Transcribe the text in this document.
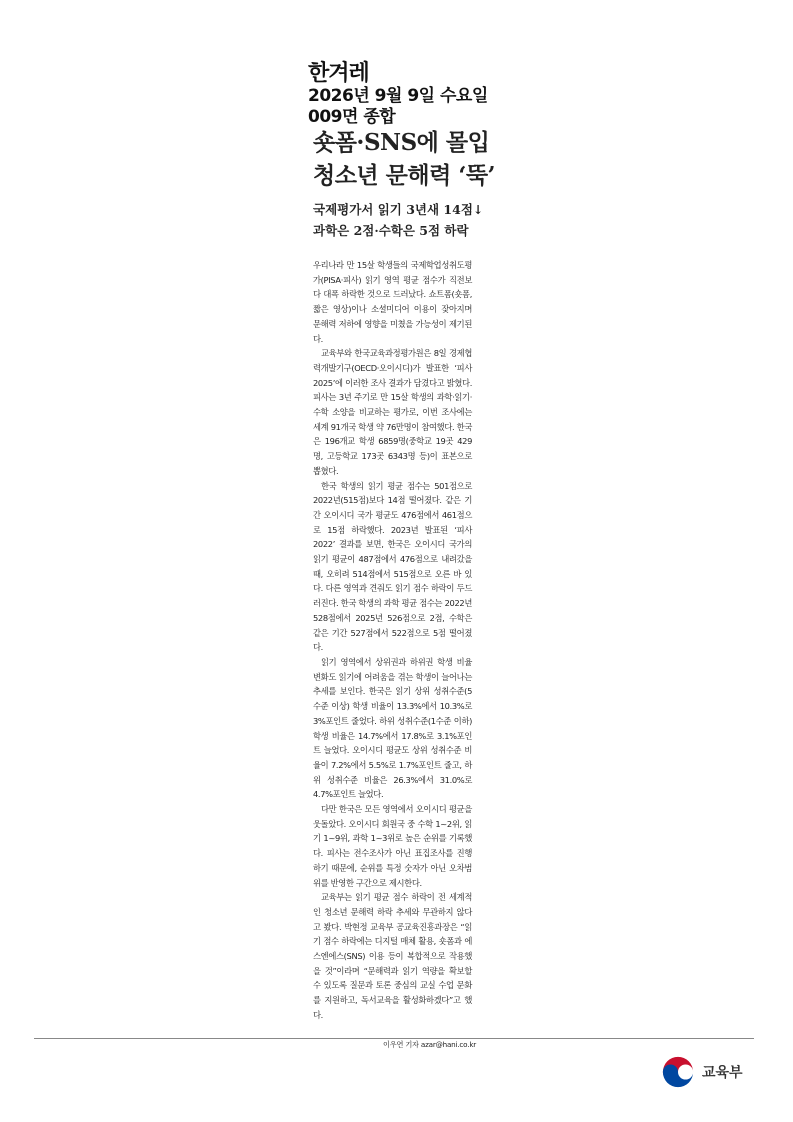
한겨레
2026년 9월 9일 수요일
009면 종합
숏폼·SNS에 몰입
청소년 문해력 ‘뚝’
국제평가서 읽기 3년새 14점↓
과학은 2점·수학은 5점 하락

우리나라 만 15살 학생들의 국제학업성취도평가(PISA·피사) 읽기 영역 평균 점수가 직전보다 대폭 하락한 것으로 드러났다. 쇼트폼(숏폼, 짧은 영상)이나 소셜미디어 이용이 잦아지며 문해력 저하에 영향을 미쳤을 가능성이 제기된다.

교육부와 한국교육과정평가원은 8일 경제협력개발기구(OECD·오이시디)가 발표한 ‘피사 2025’에 이러한 조사 결과가 담겼다고 밝혔다. 피사는 3년 주기로 만 15살 학생의 과학·읽기·수학 소양을 비교하는 평가로, 이번 조사에는 세계 91개국 학생 약 76만명이 참여했다. 한국은 196개교 학생 6859명(중학교 19곳 429명, 고등학교 173곳 6343명 등)이 표본으로 뽑혔다.

한국 학생의 읽기 평균 점수는 501점으로 2022년(515점)보다 14점 떨어졌다. 같은 기간 오이시디 국가 평균도 476점에서 461점으로 15점 하락했다. 2023년 발표된 ‘피사 2022’ 결과를 보면, 한국은 오이시디 국가의 읽기 평균이 487점에서 476점으로 내려갔을 때, 오히려 514점에서 515점으로 오른 바 있다. 다른 영역과 견줘도 읽기 점수 하락이 두드러진다. 한국 학생의 과학 평균 점수는 2022년 528점에서 2025년 526점으로 2점, 수학은 같은 기간 527점에서 522점으로 5점 떨어졌다.

읽기 영역에서 상위권과 하위권 학생 비율 변화도 읽기에 어려움을 겪는 학생이 늘어나는 추세를 보인다. 한국은 읽기 상위 성취수준(5수준 이상) 학생 비율이 13.3%에서 10.3%로 3%포인트 줄었다. 하위 성취수준(1수준 이하) 학생 비율은 14.7%에서 17.8%로 3.1%포인트 늘었다. 오이시디 평균도 상위 성취수준 비율이 7.2%에서 5.5%로 1.7%포인트 줄고, 하위 성취수준 비율은 26.3%에서 31.0%로 4.7%포인트 늘었다.

다만 한국은 모든 영역에서 오이시디 평균을 웃돌았다. 오이시디 회원국 중 수학 1~2위, 읽기 1~9위, 과학 1~3위로 높은 순위를 기록했다. 피사는 전수조사가 아닌 표집조사를 진행하기 때문에, 순위를 특정 숫자가 아닌 오차범위를 반영한 구간으로 제시한다.

교육부는 읽기 평균 점수 하락이 전 세계적인 청소년 문해력 하락 추세와 무관하지 않다고 봤다. 박현정 교육부 공교육진흥과장은 “읽기 점수 하락에는 디지털 매체 활용, 숏폼과 에스엔에스(SNS) 이용 등이 복합적으로 작용했을 것”이라며 “문해력과 읽기 역량을 확보할 수 있도록 질문과 토론 중심의 교실 수업 문화를 지원하고, 독서교육을 활성화하겠다”고 했다.

이우연 기자 azar@hani.co.kr
교육부
